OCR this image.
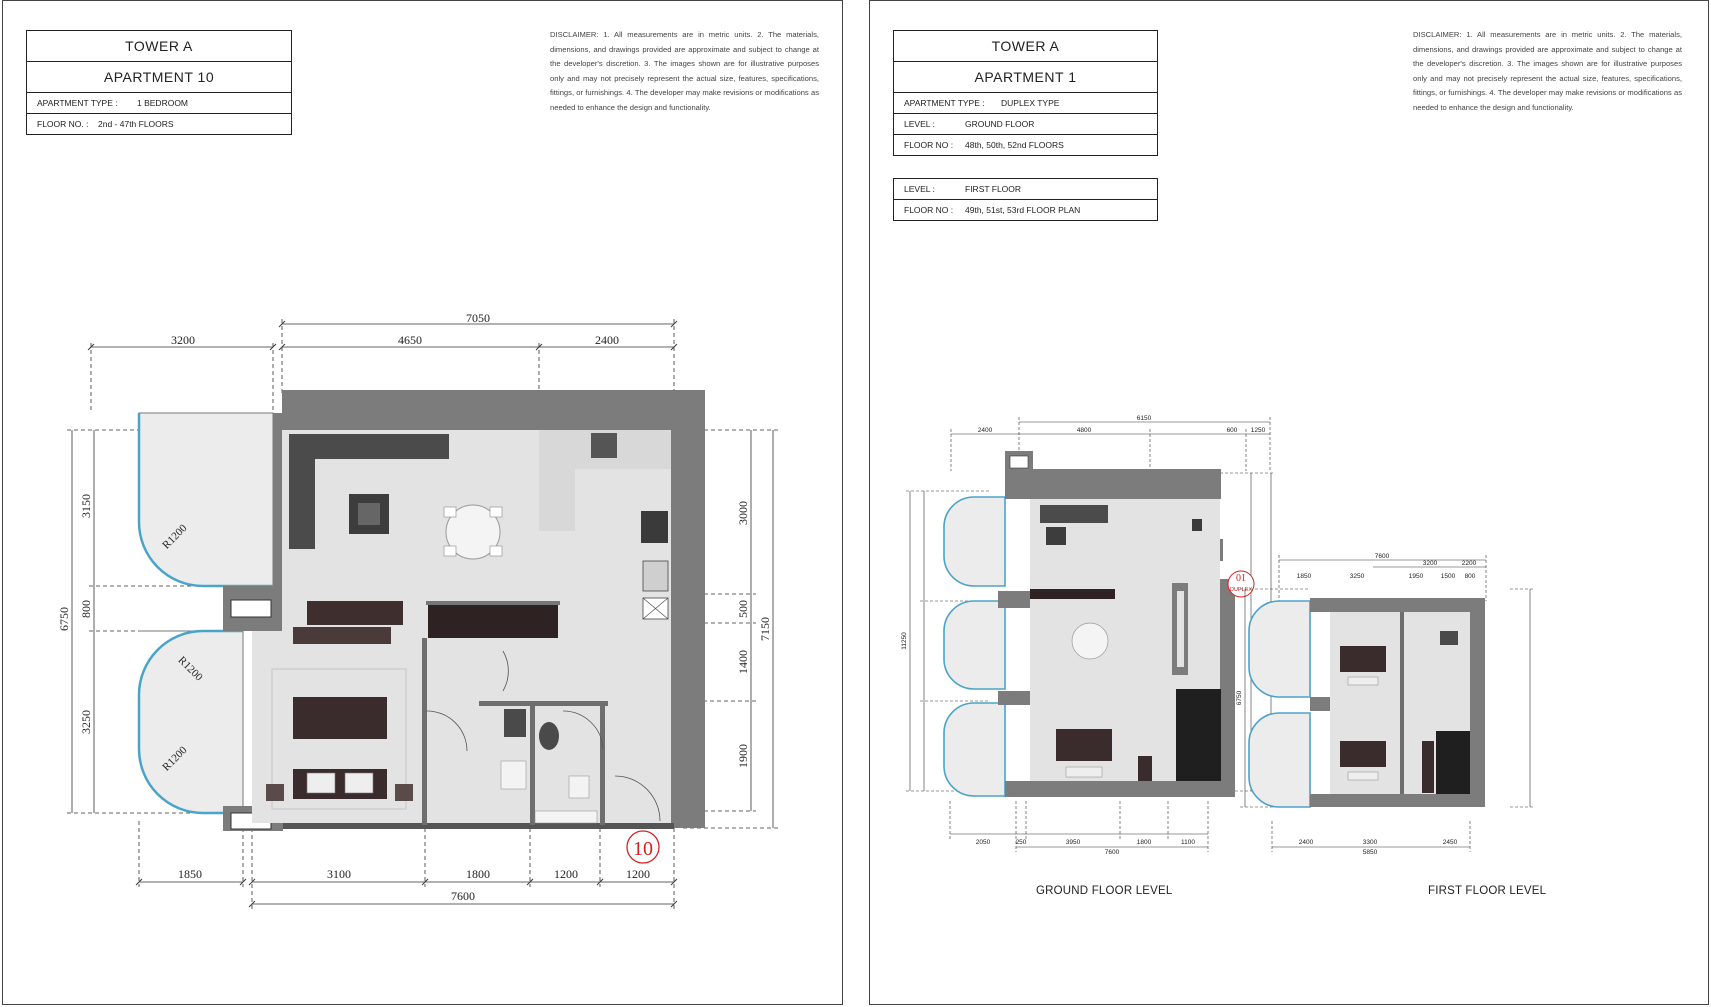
TOWER A
APARTMENT 10
APARTMENT TYPE : 1 BEDROOM
FLOOR NO. : 2nd - 47th FLOORS
DISCLAIMER: 1. All measurements are in metric units. 2. The materials, dimensions, and drawings provided are approximate and subject to change at the developer's discretion. 3. The images shown are for illustrative purposes only and may not precisely represent the actual size, features, specifications, fittings, or furnishings. 4. The developer may make revisions or modifications as needed to enhance the design and functionality.
10
7050
3200	4650	2400
1850	3100	1800	1200	1200
7600
6750
3150
800
3250
3000
500
1400
1900
7150
R1200
R1200
R1200
TOWER A
APARTMENT 1
APARTMENT TYPE : DUPLEX TYPE
LEVEL :	GROUND FLOOR
FLOOR NO : 48th, 50th, 52nd FLOORS
LEVEL :	FIRST FLOOR
FLOOR NO : 49th, 51st, 53rd FLOOR PLAN
DISCLAIMER: 1. All measurements are in metric units. 2. The materials, dimensions, and drawings provided are approximate and subject to change at the developer's discretion. 3. The images shown are for illustrative purposes only and may not precisely represent the actual size, features, specifications, fittings, or furnishings. 4. The developer may make revisions or modifications as needed to enhance the design and functionality.
01
DUPLEX
6150
2400	4800	600 1250
11250
2050	250	3950	1800	1100
7600
7600
3200	2200
1850	3250	1950	1500 800
6750
2400	3300	2450
5850
GROUND FLOOR LEVEL	FIRST FLOOR LEVEL
